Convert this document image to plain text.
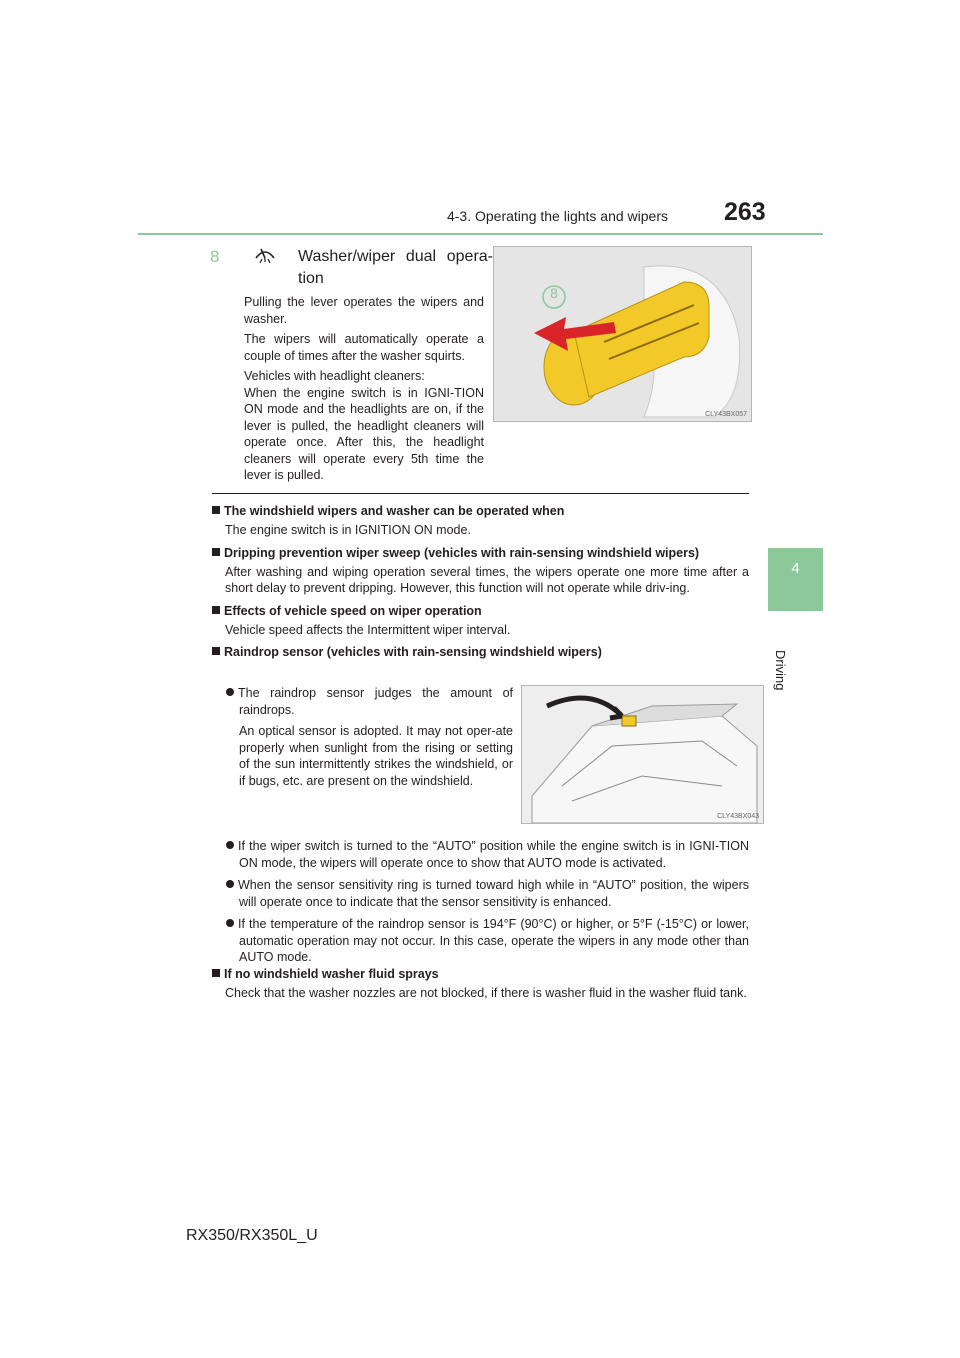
4-3. Operating the lights and wipers 263
4
Driving
8	Washer/wiper dual opera-tion
Pulling the lever operates the wipers and washer.
The wipers will automatically operate a couple of times after the washer squirts.
Vehicles with headlight cleaners:
When the engine switch is in IGNI-TION ON mode and the headlights are on, if the lever is pulled, the headlight cleaners will operate once. After this, the headlight cleaners will operate every 5th time the lever is pulled.
8
CLY43BX057
The windshield wipers and washer can be operated when
The engine switch is in IGNITION ON mode.
Dripping prevention wiper sweep (vehicles with rain-sensing windshield wipers)
After washing and wiping operation several times, the wipers operate one more time after a short delay to prevent dripping. However, this function will not operate while driv-ing.
Effects of vehicle speed on wiper operation
Vehicle speed affects the Intermittent wiper interval.
Raindrop sensor (vehicles with rain-sensing windshield wipers)
The raindrop sensor judges the amount of raindrops.
An optical sensor is adopted. It may not oper-ate properly when sunlight from the rising or setting of the sun intermittently strikes the windshield, or if bugs, etc. are present on the windshield.
CLY43BX043
If the wiper switch is turned to the “AUTO” position while the engine switch is in IGNI-TION ON mode, the wipers will operate once to show that AUTO mode is activated.
When the sensor sensitivity ring is turned toward high while in “AUTO” position, the wipers will operate once to indicate that the sensor sensitivity is enhanced.
If the temperature of the raindrop sensor is 194°F (90°C) or higher, or 5°F (-15°C) or lower, automatic operation may not occur. In this case, operate the wipers in any mode other than AUTO mode.
If no windshield washer fluid sprays
Check that the washer nozzles are not blocked, if there is washer fluid in the washer fluid tank.
RX350/RX350L_U
